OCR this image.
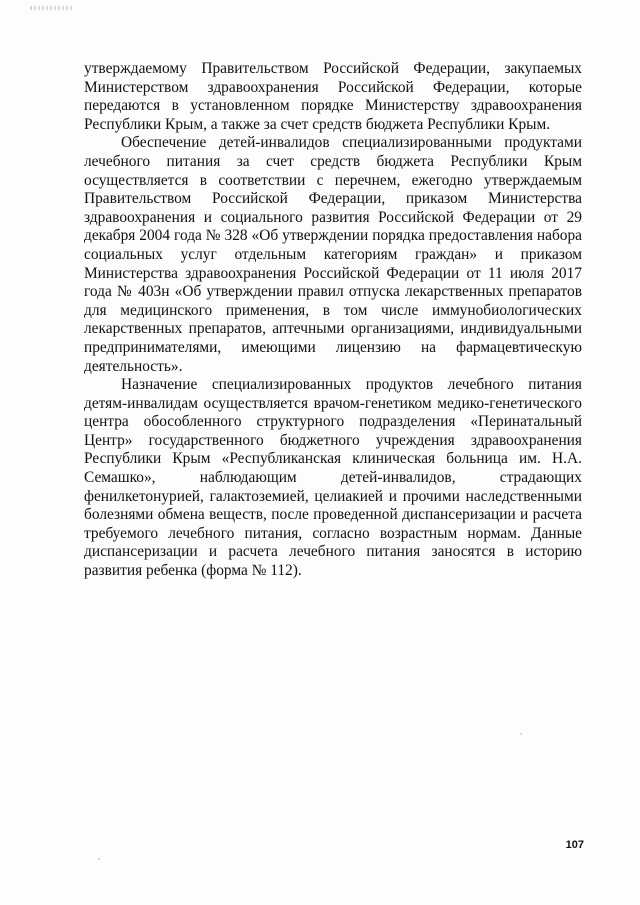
утверждаемому Правительством Российской Федерации, закупаемых Министерством здравоохранения Российской Федерации, которые передаются в установленном порядке Министерству здравоохранения Республики Крым, а также за счет средств бюджета Республики Крым.

Обеспечение детей-инвалидов специализированными продуктами лечебного питания за счет средств бюджета Республики Крым осуществляется в соответствии с перечнем, ежегодно утверждаемым Правительством Российской Федерации, приказом Министерства здравоохранения и социального развития Российской Федерации от 29 декабря 2004 года № 328 «Об утверждении порядка предоставления набора социальных услуг отдельным категориям граждан» и приказом Министерства здравоохранения Российской Федерации от 11 июля 2017 года № 403н «Об утверждении правил отпуска лекарственных препаратов для медицинского применения, в том числе иммунобиологических лекарственных препаратов, аптечными организациями, индивидуальными предпринимателями, имеющими лицензию на фармацевтическую деятельность».

Назначение специализированных продуктов лечебного питания детям-инвалидам осуществляется врачом-генетиком медико-генетического центра обособленного структурного подразделения «Перинатальный Центр» государственного бюджетного учреждения здравоохранения Республики Крым «Республиканская клиническая больница им. Н.А. Семашко», наблюдающим детей-инвалидов, страдающих фенилкетонурией, галактоземией, целиакией и прочими наследственными болезнями обмена веществ, после проведенной диспансеризации и расчета требуемого лечебного питания, согласно возрастным нормам. Данные диспансеризации и расчета лечебного питания заносятся в историю развития ребенка (форма № 112).

107
